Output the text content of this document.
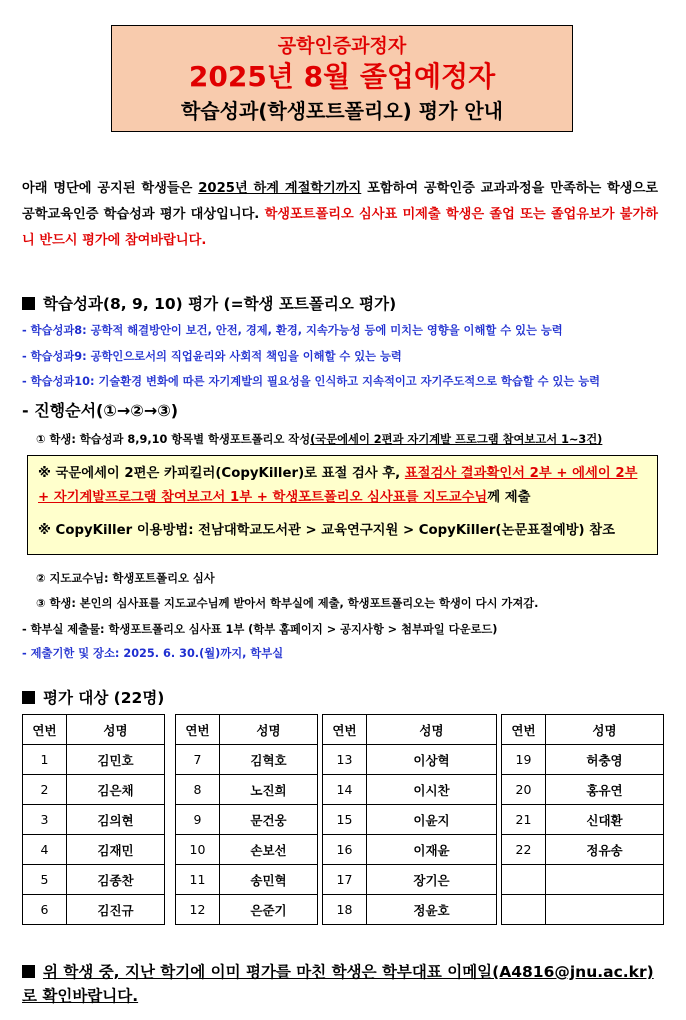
공학인증과정자
2025년 8월 졸업예정자
학습성과(학생포트폴리오) 평가 안내
아래 명단에 공지된 학생들은 2025년 하계 계절학기까지 포함하여 공학인증 교과과정을 만족하는 학생으로 공학교육인증 학습성과 평가 대상입니다. 학생포트폴리오 심사표 미제출 학생은 졸업 또는 졸업유보가 불가하니 반드시 평가에 참여바랍니다.
학습성과(8, 9, 10) 평가 (=학생 포트폴리오 평가)
- 학습성과8: 공학적 해결방안이 보건, 안전, 경제, 환경, 지속가능성 등에 미치는 영향을 이해할 수 있는 능력
- 학습성과9: 공학인으로서의 직업윤리와 사회적 책임을 이해할 수 있는 능력
- 학습성과10: 기술환경 변화에 따른 자기계발의 필요성을 인식하고 지속적이고 자기주도적으로 학습할 수 있는 능력
- 진행순서(①→②→③)
① 학생: 학습성과 8,9,10 항목별 학생포트폴리오 작성(국문에세이 2편과 자기계발 프로그램 참여보고서 1~3건)
※ 국문에세이 2편은 카피킬러(CopyKiller)로 표절 검사 후, 표절검사 결과확인서 2부 + 에세이 2부+ 자기계발프로그램 참여보고서 1부 + 학생포트폴리오 심사표를 지도교수님께 제출
※ CopyKiller 이용방법: 전남대학교도서관 > 교육연구지원 > CopyKiller(논문표절예방) 참조
② 지도교수님: 학생포트폴리오 심사
③ 학생: 본인의 심사표를 지도교수님께 받아서 학부실에 제출, 학생포트폴리오는 학생이 다시 가져감.
- 학부실 제출물: 학생포트폴리오 심사표 1부 (학부 홈페이지 > 공지사항 > 첨부파일 다운로드)
- 제출기한 및 장소: 2025. 6. 30.(월)까지, 학부실
평가 대상 (22명)
연번	성명
1	김민호
2	김은채
3	김의현
4	김재민
5	김종찬
6	김진규
연번	성명
7	김혁호
8	노진희
9	문건웅
10	손보선
11	송민혁
12	은준기
연번	성명
13	이상혁
14	이시찬
15	이윤지
16	이재윤
17	장기은
18	정윤호
연번	성명
19	허충영
20	홍유연
21	신대환
22	정유송

위 학생 중, 지난 학기에 이미 평가를 마친 학생은 학부대표 이메일(A4816@jnu.ac.kr)로 확인바랍니다.
